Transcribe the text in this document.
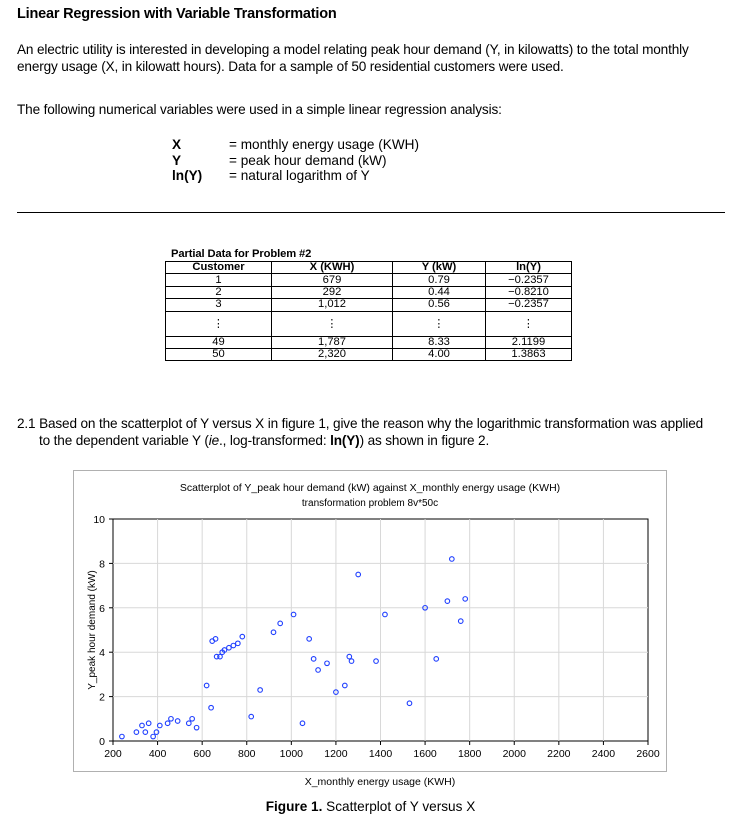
Linear Regression with Variable Transformation
An electric utility is interested in developing a model relating peak hour demand (Y, in kilowatts) to the total monthly
energy usage (X, in kilowatt hours). Data for a sample of 50 residential customers were used.
The following numerical variables were used in a simple linear regression analysis:
X	= monthly energy usage (KWH)
Y	= peak hour demand (kW)
ln(Y)	= natural logarithm of Y
Partial Data for Problem #2
Customer	X (KWH)	Y (kW)	ln(Y)
1	679	0.79	−0.2357
2	292	0.44	−0.8210
3	1,012	0.56	−0.2357
⋮	⋮	⋮	⋮
49	1,787	8.33	2.1199
50	2,320	4.00	1.3863
2.1 Based on the scatterplot of Y versus X in figure 1, give the reason why the logarithmic transformation was applied
to the dependent variable Y (ie., log-transformed: ln(Y)) as shown in figure 2.
Scatterplot of Y_peak hour demand (kW) against X_monthly energy usage (KWH)
transformation problem 8v*50c
200	400	600	800 1000 1200 1400 1600 1800 2000 2200 2400 2600
0
2
4
6
8
10
X_monthly energy usage (KWH)
Y_peak hour demand (kW)
Figure 1. Scatterplot of Y versus X
